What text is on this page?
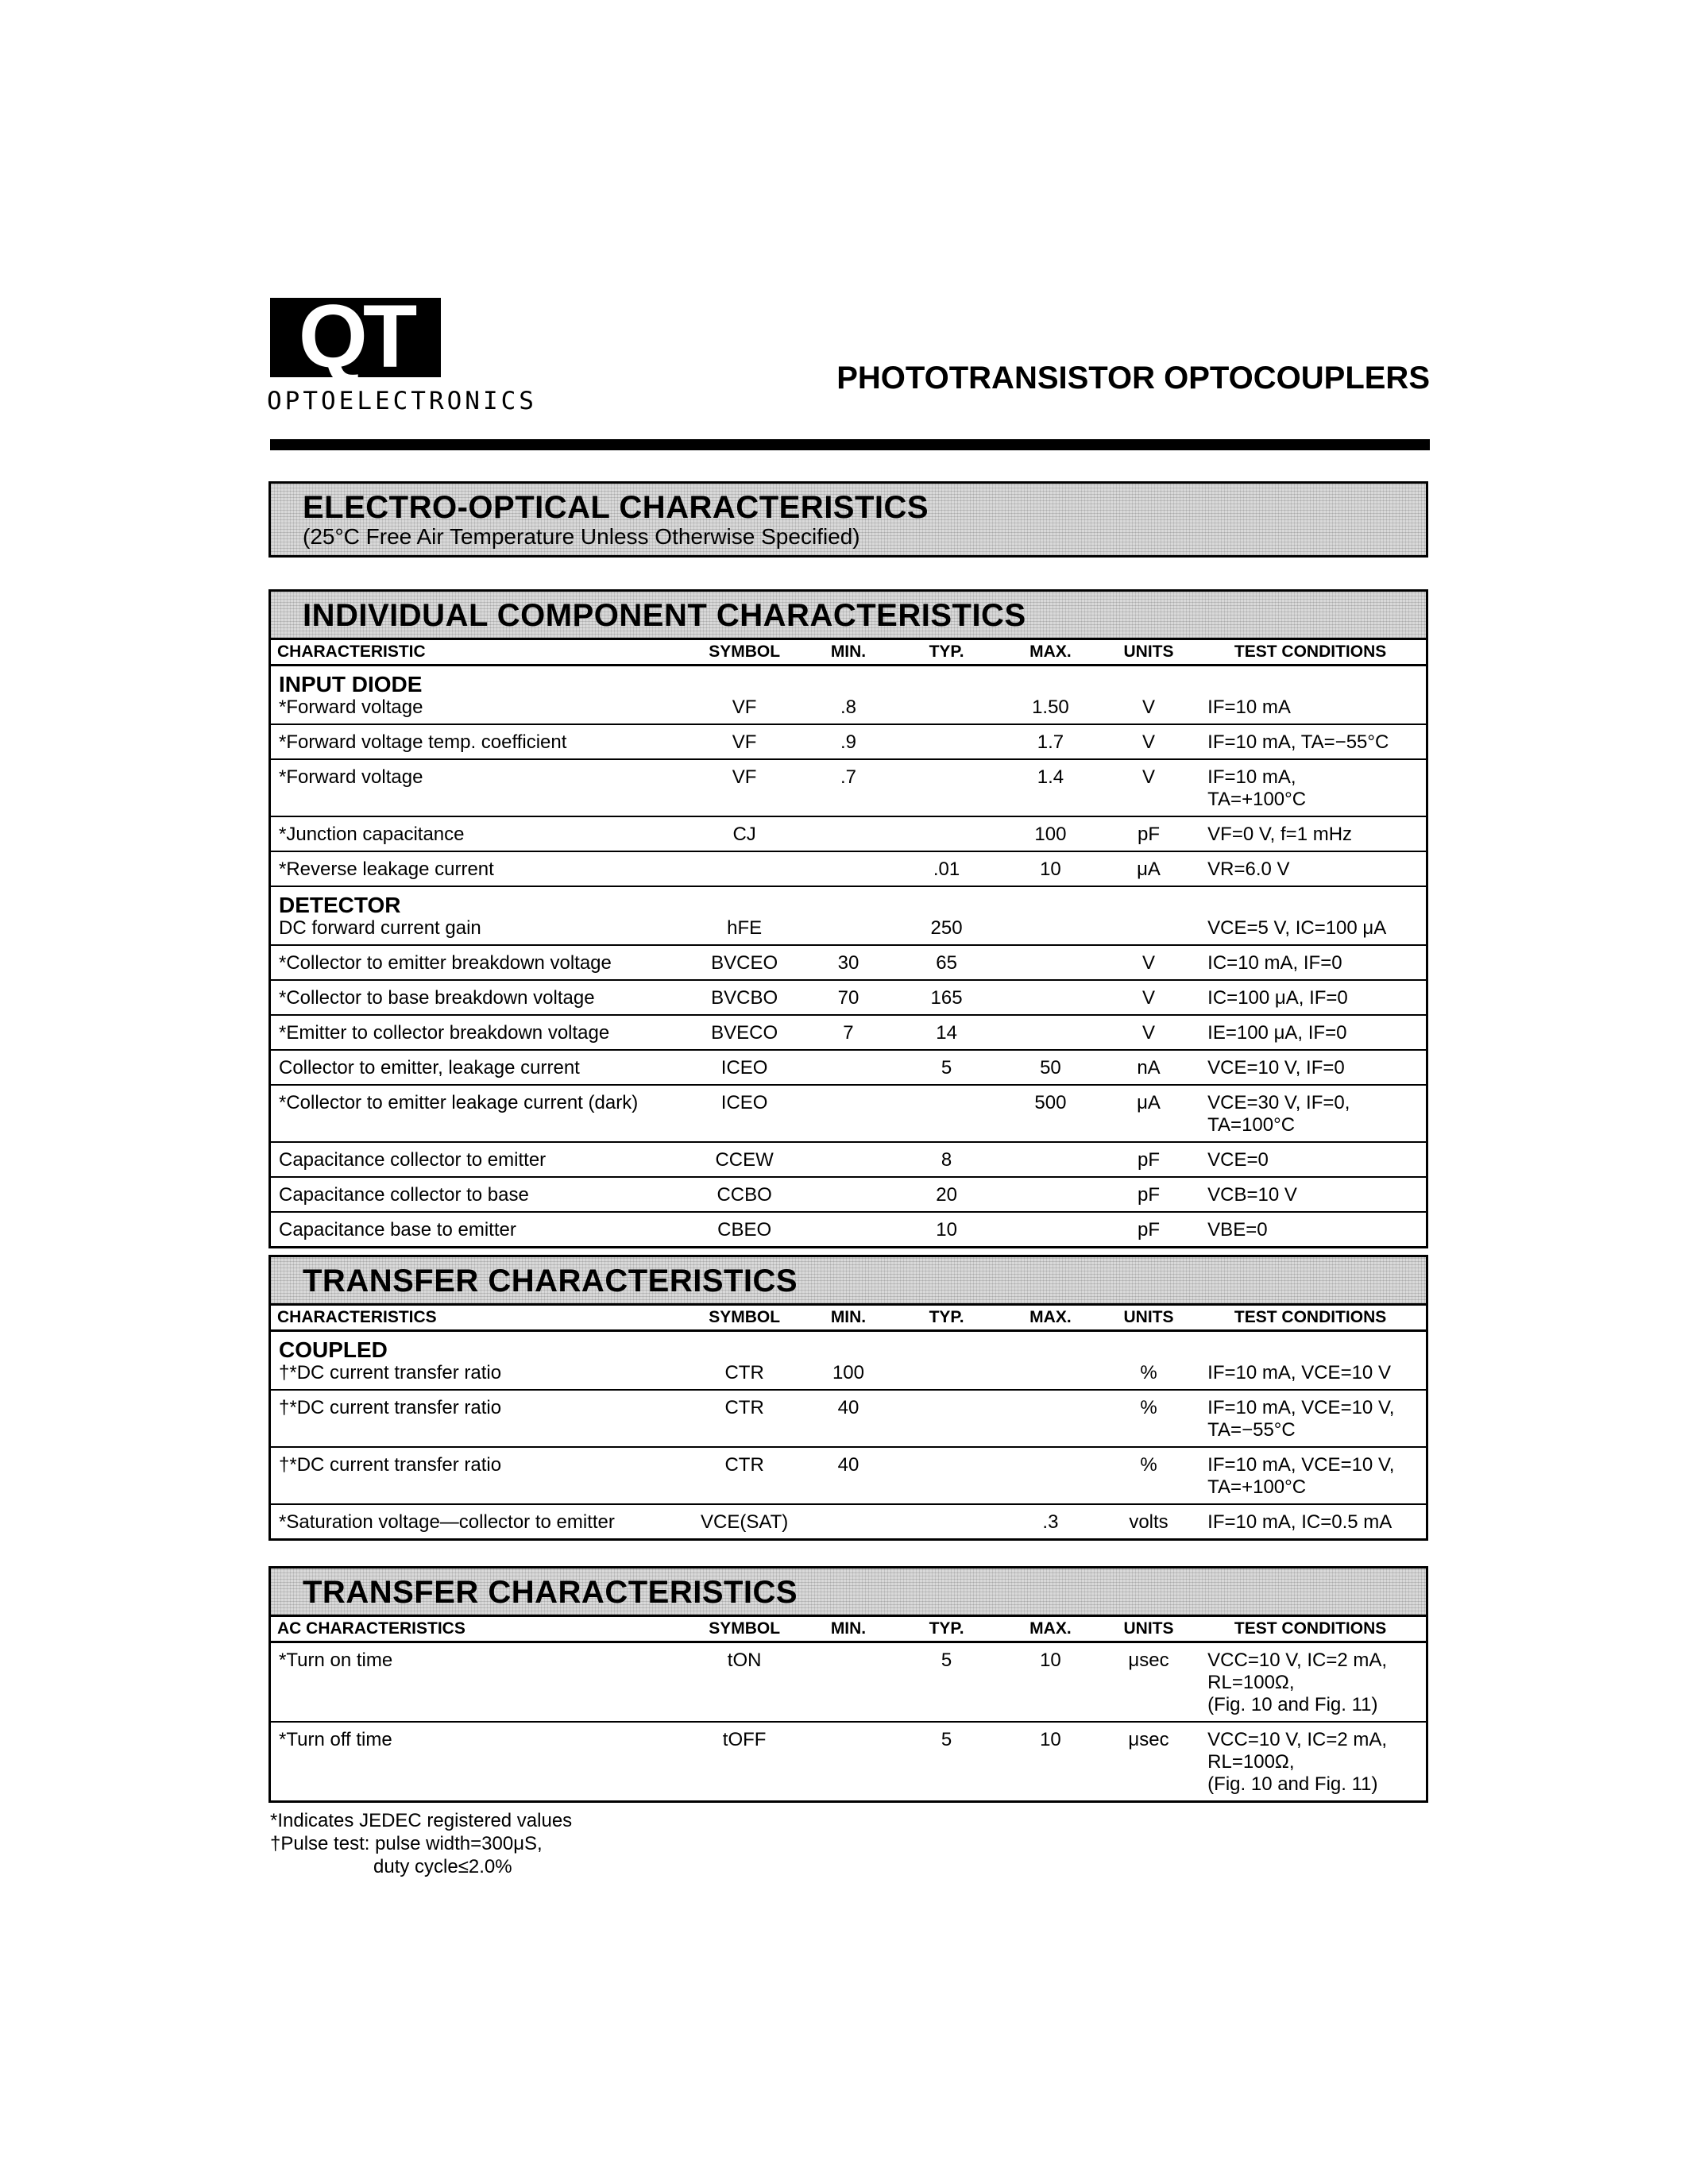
QT
OPTOELECTRONICS
PHOTOTRANSISTOR OPTOCOUPLERS
ELECTRO-OPTICAL CHARACTERISTICS
(25°C Free Air Temperature Unless Otherwise Specified)
INDIVIDUAL COMPONENT CHARACTERISTICS
CHARACTERISTIC	SYMBOL	MIN.	TYP.	MAX.	UNITS	TEST CONDITIONS

INPUT DIODE
*Forward voltage	VF	.8		1.50	V	IF=10 mA
*Forward voltage temp. coefficient	VF	.9		1.7	V	IF=10 mA, TA=−55°C
*Forward voltage	VF	.7		1.4	V	IF=10 mA,
TA=+100°C
*Junction capacitance	CJ			100	pF	VF=0 V, f=1 mHz
*Reverse leakage current			.01	10	μA	VR=6.0 V

DETECTOR
DC forward current gain	hFE		250			VCE=5 V, IC=100 μA
*Collector to emitter breakdown voltage	BVCEO	30	65		V	IC=10 mA, IF=0
*Collector to base breakdown voltage	BVCBO	70	165		V	IC=100 μA, IF=0
*Emitter to collector breakdown voltage	BVECO	7	14		V	IE=100 μA, IF=0
Collector to emitter, leakage current	ICEO		5	50	nA	VCE=10 V, IF=0
*Collector to emitter leakage current (dark)	ICEO			500	μA	VCE=30 V, IF=0,
TA=100°C
Capacitance collector to emitter	CCEW		8		pF	VCE=0
Capacitance collector to base	CCBO		20		pF	VCB=10 V
Capacitance base to emitter	CBEO		10		pF	VBE=0
TRANSFER CHARACTERISTICS
CHARACTERISTICS	SYMBOL	MIN.	TYP.	MAX.	UNITS	TEST CONDITIONS

COUPLED
†*DC current transfer ratio	CTR	100			%	IF=10 mA, VCE=10 V
†*DC current transfer ratio	CTR	40			%	IF=10 mA, VCE=10 V,
TA=−55°C
†*DC current transfer ratio	CTR	40			%	IF=10 mA, VCE=10 V,
TA=+100°C
*Saturation voltage—collector to emitter	VCE(SAT)			.3	volts	IF=10 mA, IC=0.5 mA
TRANSFER CHARACTERISTICS
AC CHARACTERISTICS	SYMBOL	MIN.	TYP.	MAX.	UNITS	TEST CONDITIONS
*Turn on time	tON		5	10	μsec	VCC=10 V, IC=2 mA,
RL=100Ω,
(Fig. 10 and Fig. 11)
*Turn off time	tOFF		5	10	μsec	VCC=10 V, IC=2 mA,
RL=100Ω,
(Fig. 10 and Fig. 11)
*Indicates JEDEC registered values
†Pulse test: pulse width=300μS,
duty cycle≤2.0%
